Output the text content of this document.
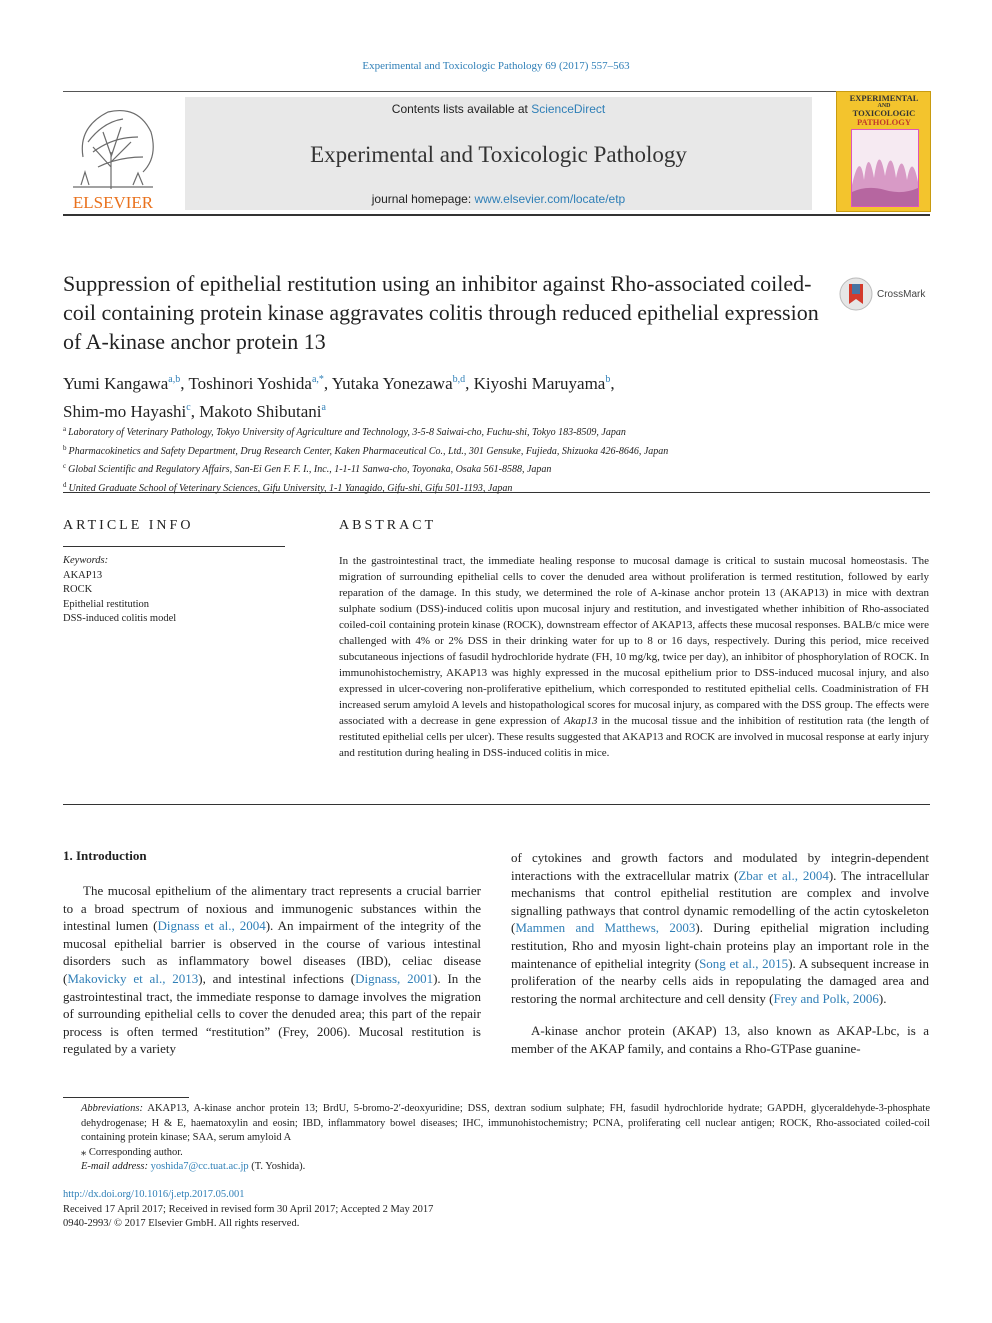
Experimental and Toxicologic Pathology 69 (2017) 557–563
ELSEVIER
Contents lists available at ScienceDirect
Experimental and Toxicologic Pathology
journal homepage: www.elsevier.com/locate/etp
EXPERIMENTAL
AND
TOXICOLOGIC
PATHOLOGY
Suppression of epithelial restitution using an inhibitor against Rho-associated coiled-coil containing protein kinase aggravates colitis through reduced epithelial expression of A-kinase anchor protein 13
CrossMark
Yumi Kangawa$^{a,b}$, Toshinori Yoshida$^{a,*}$, Yutaka Yonezawa$^{b,d}$, Kiyoshi Maruyama$^b$,
Shim-mo Hayashi$^c$, Makoto Shibutani$^a$
$^a$ Laboratory of Veterinary Pathology, Tokyo University of Agriculture and Technology, 3-5-8 Saiwai-cho, Fuchu-shi, Tokyo 183-8509, Japan
$^b$ Pharmacokinetics and Safety Department, Drug Research Center, Kaken Pharmaceutical Co., Ltd., 301 Gensuke, Fujieda, Shizuoka 426-8646, Japan
$^c$ Global Scientific and Regulatory Affairs, San-Ei Gen F. F. I., Inc., 1-1-11 Sanwa-cho, Toyonaka, Osaka 561-8588, Japan
$^d$ United Graduate School of Veterinary Sciences, Gifu University, 1-1 Yanagido, Gifu-shi, Gifu 501-1193, Japan
ARTICLE INFO
Keywords:
AKAP13
ROCK
Epithelial restitution
DSS-induced colitis model
ABSTRACT

In the gastrointestinal tract, the immediate healing response to mucosal damage is critical to sustain mucosal homeostasis. The migration of surrounding epithelial cells to cover the denuded area without proliferation is termed restitution, followed by early reparation of the damage. In this study, we determined the role of A-kinase anchor protein 13 (AKAP13) in mice with dextran sulphate sodium (DSS)-induced colitis upon mucosal injury and restitution, and investigated whether inhibition of Rho-associated coiled-coil containing protein kinase (ROCK), downstream effector of AKAP13, affects these mucosal responses. BALB/c mice were challenged with 4% or 2% DSS in their drinking water for up to 8 or 16 days, respectively. During this period, mice received subcutaneous injections of fasudil hydrochloride hydrate (FH, 10 mg/kg, twice per day), an inhibitor of phosphorylation of ROCK. In immunohistochemistry, AKAP13 was highly expressed in the mucosal epithelium prior to DSS-induced mucosal injury, and also expressed in ulcer-covering non-proliferative epithelium, which corresponded to restituted epithelial cells. Coadministration of FH increased serum amyloid A levels and histopathological scores for mucosal injury, as compared with the DSS group. The effects were associated with a decrease in gene expression of Akap13 in the mucosal tissue and the inhibition of restitution rata (the length of restituted epithelial cells per ulcer). These results suggested that AKAP13 and ROCK are involved in mucosal response at early injury and restitution during healing in DSS-induced colitis in mice.

1. Introduction

The mucosal epithelium of the alimentary tract represents a crucial barrier to a broad spectrum of noxious and immunogenic substances within the intestinal lumen (Dignass et al., 2004). An impairment of the integrity of the mucosal epithelial barrier is observed in the course of various intestinal disorders such as inflammatory bowel diseases (IBD), celiac disease (Makovicky et al., 2013), and intestinal infections (Dignass, 2001). In the gastrointestinal tract, the immediate response to damage involves the migration of surrounding epithelial cells to cover the denuded area; this part of the repair process is often termed “restitution” (Frey, 2006). Mucosal restitution is regulated by a variety

of cytokines and growth factors and modulated by integrin-dependent interactions with the extracellular matrix (Zbar et al., 2004). The intracellular mechanisms that control epithelial restitution are complex and involve signalling pathways that control dynamic remodelling of the actin cytoskeleton (Mammen and Matthews, 2003). During epithelial migration including restitution, Rho and myosin light-chain proteins play an important role in the maintenance of epithelial integrity (Song et al., 2015). A subsequent increase in proliferation of the nearby cells aids in repopulating the damaged area and restoring the normal architecture and cell density (Frey and Polk, 2006).

A-kinase anchor protein (AKAP) 13, also known as AKAP-Lbc, is a member of the AKAP family, and contains a Rho-GTPase guanine-

Abbreviations: AKAP13, A-kinase anchor protein 13; BrdU, 5-bromo-2′-deoxyuridine; DSS, dextran sodium sulphate; FH, fasudil hydrochloride hydrate; GAPDH, glyceraldehyde-3-phosphate dehydrogenase; H & E, haematoxylin and eosin; IBD, inflammatory bowel diseases; IHC, immunohistochemistry; PCNA, proliferating cell nuclear antigen; ROCK, Rho-associated coiled-coil containing protein kinase; SAA, serum amyloid A
⁎ Corresponding author.
E-mail address: yoshida7@cc.tuat.ac.jp (T. Yoshida).
http://dx.doi.org/10.1016/j.etp.2017.05.001
Received 17 April 2017; Received in revised form 30 April 2017; Accepted 2 May 2017
0940-2993/ © 2017 Elsevier GmbH. All rights reserved.
